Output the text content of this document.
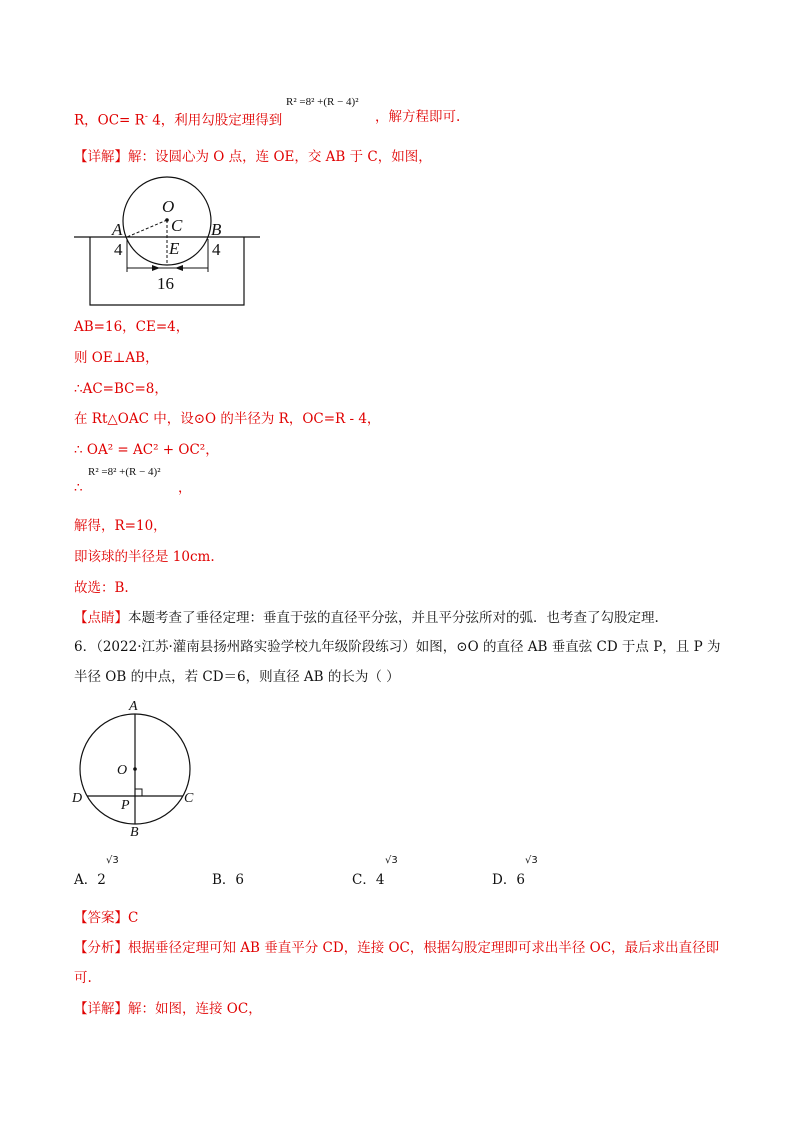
R，OC= R- 4，利用勾股定理得到
R² =8² +(R − 4)²
，解方程即可.
【详解】解：设圆心为 O 点，连 OE，交 AB 于 C，如图，
O
C
A	B
E
4	4
16
AB=16，CE=4，
则 OE⊥AB，
∴AC=BC=8，
在 Rt△OAC 中，设⊙O 的半径为 R，OC=R - 4，
∴ OA² = AC² + OC²，
∴
R² =8² +(R − 4)²
，
解得，R=10，
即该球的半径是 10cm.
故选：B.
【点睛】本题考查了垂径定理：垂直于弦的直径平分弦，并且平分弦所对的弧．也考查了勾股定理.
6．（2022·江苏·灌南县扬州路实验学校九年级阶段练习）如图，⊙O 的直径 AB 垂直弦 CD 于点 P，且 P 为
半径 OB 的中点，若 CD＝6，则直径 AB 的长为（ ）
A
O
D	P	C
B
A．2
√3
B．6	C．4
√3
D．6
√3
【答案】C
【分析】根据垂径定理可知 AB 垂直平分 CD，连接 OC，根据勾股定理即可求出半径 OC，最后求出直径即
可.
【详解】解：如图，连接 OC，
